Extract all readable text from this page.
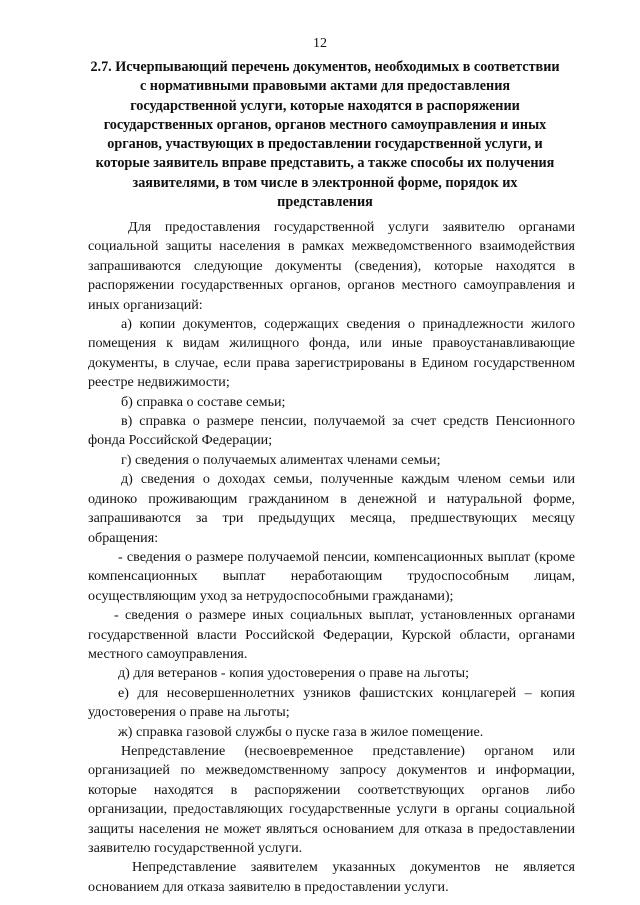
12
2.7. Исчерпывающий перечень документов, необходимых в соответствии с нормативными правовыми актами для предоставления государственной услуги, которые находятся в распоряжении государственных органов, органов местного самоуправления и иных органов, участвующих в предоставлении государственной услуги, и которые заявитель вправе представить, а также способы их получения заявителями, в том числе в электронной форме, порядок их представления

Для предоставления государственной услуги заявителю органами социальной защиты населения в рамках межведомственного взаимодействия запрашиваются следующие документы (сведения), которые находятся в распоряжении государственных органов, органов местного самоуправления и иных организаций:

а) копии документов, содержащих сведения о принадлежности жилого помещения к видам жилищного фонда, или иные правоустанавливающие документы, в случае, если права зарегистрированы в Едином государственном реестре недвижимости;

б) справка о составе семьи;

в) справка о размере пенсии, получаемой за счет средств Пенсионного фонда Российской Федерации;

г) сведения о получаемых алиментах членами семьи;

д) сведения о доходах семьи, полученные каждым членом семьи или одиноко проживающим гражданином в денежной и натуральной форме, запрашиваются за три предыдущих месяца, предшествующих месяцу обращения:

- сведения о размере получаемой пенсии, компенсационных выплат (кроме компенсационных выплат неработающим трудоспособным лицам, осуществляющим уход за нетрудоспособными гражданами);

- сведения о размере иных социальных выплат, установленных органами государственной власти Российской Федерации, Курской области, органами местного самоуправления.

д) для ветеранов - копия удостоверения о праве на льготы;

е) для несовершеннолетних узников фашистских концлагерей – копия удостоверения о праве на льготы;

ж) справка газовой службы о пуске газа в жилое помещение.

Непредставление (несвоевременное представление) органом или организацией по межведомственному запросу документов и информации, которые находятся в распоряжении соответствующих органов либо организации, предоставляющих государственные услуги в органы социальной защиты населения не может являться основанием для отказа в предоставлении заявителю государственной услуги.

Непредставление заявителем указанных документов не является основанием для отказа заявителю в предоставлении услуги.
